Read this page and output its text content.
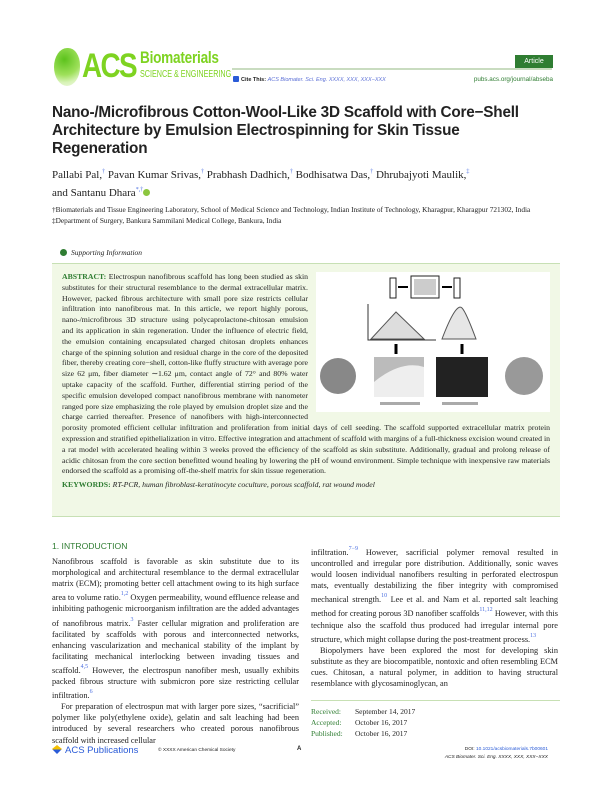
ACS Biomaterials
SCIENCE & ENGINEERING
Article
Cite This: ACS Biomater. Sci. Eng. XXXX, XXX, XXX−XXX	pubs.acs.org/journal/abseba
Nano-/Microfibrous Cotton-Wool-Like 3D Scaffold with Core−Shell Architecture by Emulsion Electrospinning for Skin Tissue Regeneration
Pallabi Pal,† Pavan Kumar Srivas,† Prabhash Dadhich,† Bodhisatwa Das,† Dhrubajyoti Maulik,‡
and Santanu Dhara*,†
†Biomaterials and Tissue Engineering Laboratory, School of Medical Science and Technology, Indian Institute of Technology, Kharagpur, Kharagpur 721302, India
‡Department of Surgery, Bankura Sammilani Medical College, Bankura, India
Supporting Information
ABSTRACT: Electrospun nanofibrous scaffold has long been studied as skin substitutes for their structural resemblance to the dermal extracellular matrix. However, packed fibrous architecture with small pore size restricts cellular infiltration into nanofibrous mat. In this article, we report highly porous, nano-/microfibrous 3D structure using polycaprolactone-chitosan emulsion and its application in skin regeneration. Under the influence of electric field, the emulsion containing encapsulated charged chitosan droplets enhances charge of the spinning solution and residual charge in the core of the deposited fiber, thereby creating core−shell, cotton-like fluffy structure with average pore size 62 μm, fiber diameter ∼1.62 μm, contact angle of 72° and 80% water uptake capacity of the scaffold. Further, differential stirring period of the specific emulsion developed compact nanofibrous membrane with nanometer ranged pore size emphasizing the role played by emulsion droplet size and the charge carried thereafter. Presence of nanofibers with high-interconnected porosity promoted efficient cellular infiltration and proliferation from initial days of cell seeding. The scaffold supported extracellular matrix protein expression and stratified epithelialization in vitro. Effective integration and attachment of scaffold with margins of a full-thickness excision wound created in a rat model with accelerated healing within 3 weeks proved the efficiency of the scaffold as skin substitute. Additionally, gradual and prolong release of acidic chitosan from the core section benefitted wound healing by lowering the pH of wound environment. Simple technique with inexpensive raw materials endorsed the scaffold as a promising off-the-shelf matrix for skin tissue regeneration.
KEYWORDS: RT-PCR, human fibroblast-keratinocyte coculture, porous scaffold, rat wound model
1. INTRODUCTION

Nanofibrous scaffold is favorable as skin substitute due to its morphological and architectural resemblance to the dermal extracellular matrix (ECM); promoting better cell attachment owing to its high surface area to volume ratio.$^{1,2}$ Oxygen permeability, wound effluence release and inhibiting pathogenic microorganism infiltration are the added advantages of nanofibrous matrix.$^3$ Faster cellular migration and proliferation are facilitated by scaffolds with porous and interconnected networks, enhancing vascularization and mechanical stability of the implant by facilitating mechanical interlocking between invading tissues and scaffold.$^{4,5}$ However, the electrospun nanofiber mesh, usually exhibits packed fibrous structure with submicron pore size restricting cellular infiltration.$^6$

For preparation of electrospun mat with larger pore sizes, “sacrificial” polymer like poly(ethylene oxide), gelatin and salt leaching had been introduced by several researchers who created porous nanofibrous scaffold with increased cellular

infiltration.$^{7-9}$ However, sacrificial polymer removal resulted in uncontrolled and irregular pore distribution. Additionally, sonic waves would loosen individual nanofibers resulting in perforated electrospun mats, eventually destabilizing the fiber integrity with compromised mechanical strength.$^{10}$ Lee et al. and Nam et al. reported salt leaching method for creating porous 3D nanofiber scaffolds$^{11,12}$ However, with this technique also the scaffold thus produced had irregular internal pore structure, which might collapse during the post-treatment process.$^{13}$

Biopolymers have been explored the most for developing skin substitute as they are biocompatible, nontoxic and often resembling ECM cues. Chitosan, a natural polymer, in addition to having structural resemblance with glycosaminoglycan, an

Received: September 14, 2017
Accepted: October 16, 2017
Published: October 16, 2017
ACS Publications	© XXXX American Chemical Society	A	DOI: 10.1021/acsbiomaterials.7b00601
ACS Biomater. Sci. Eng. XXXX, XXX, XXX−XXX
